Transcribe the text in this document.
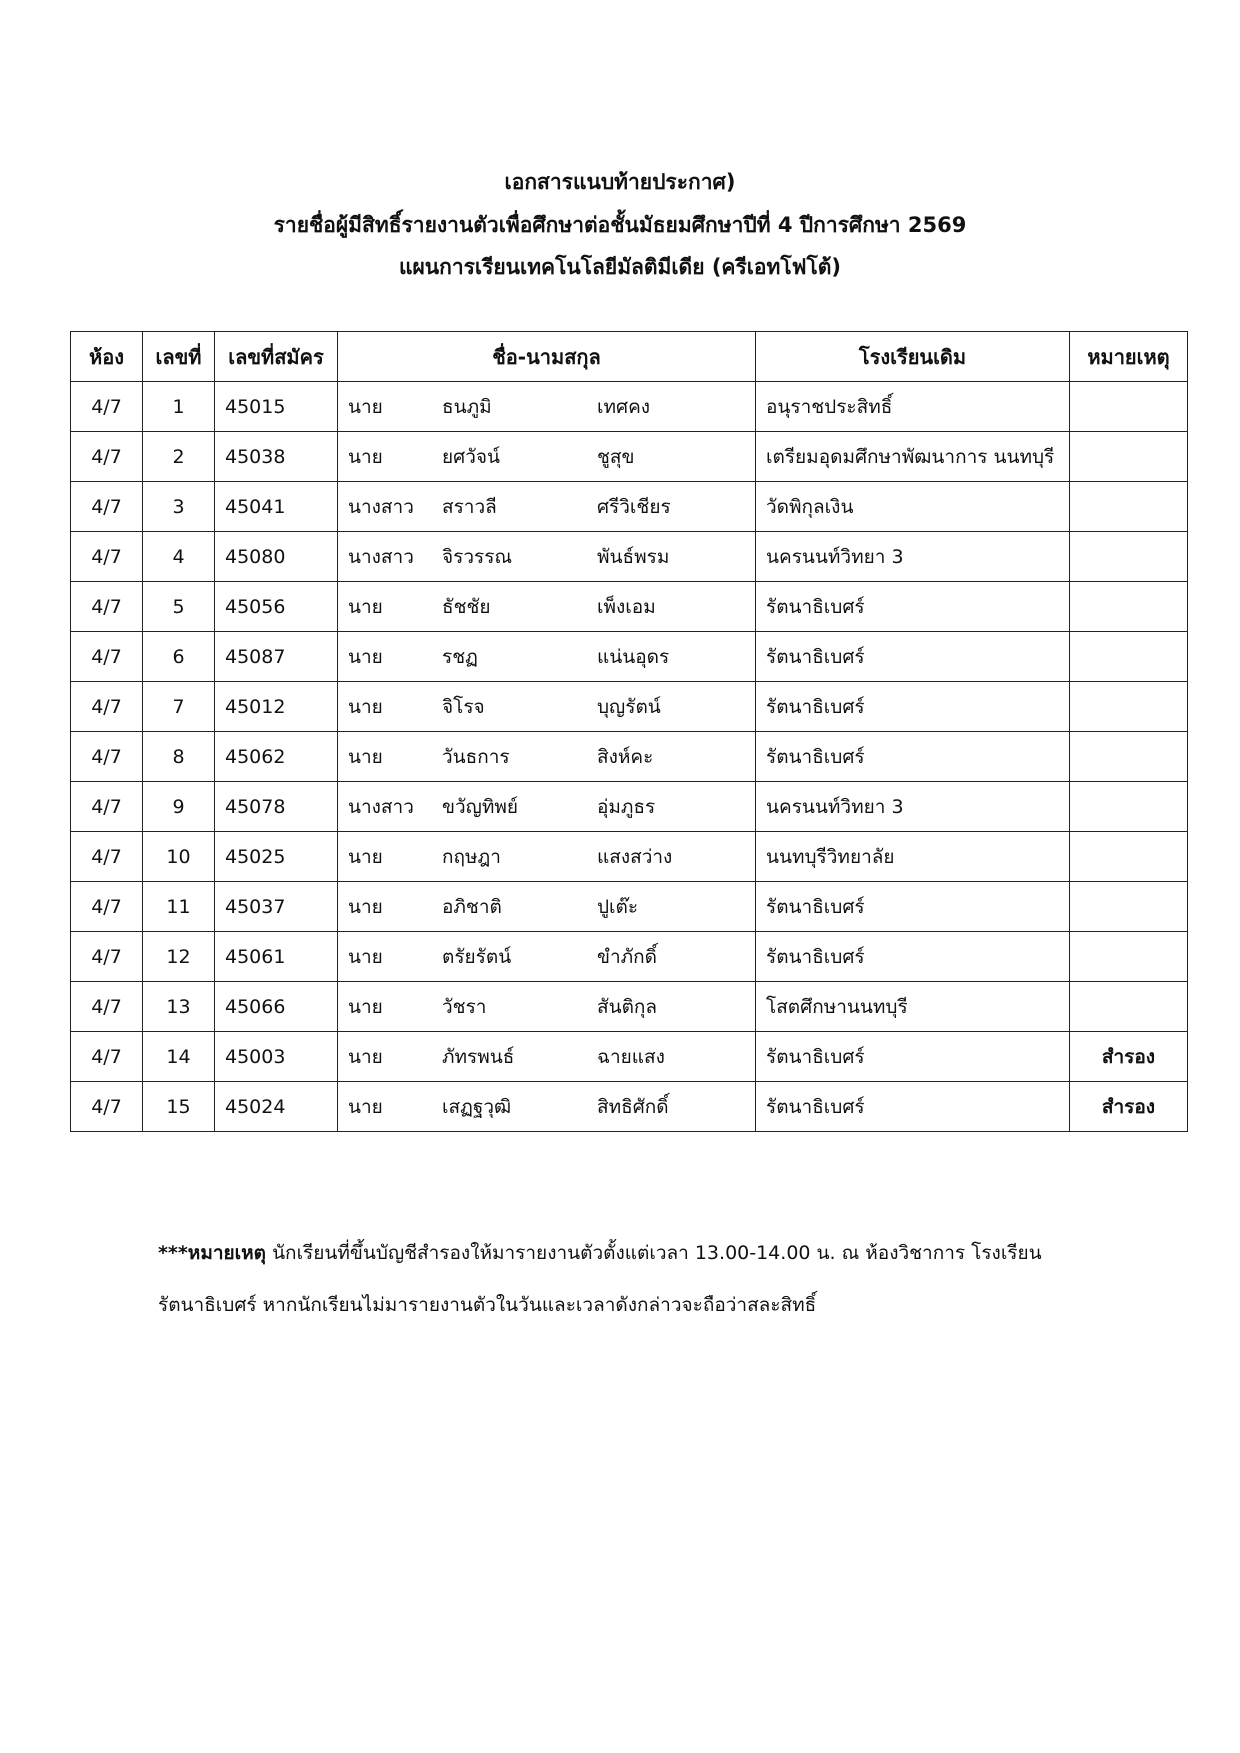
เอกสารแนบท้ายประกาศ)
รายชื่อผู้มีสิทธิ์รายงานตัวเพื่อศึกษาต่อชั้นมัธยมศึกษาปีที่ 4 ปีการศึกษา 2569
แผนการเรียนเทคโนโลยีมัลติมีเดีย (ครีเอทโฟโต้)
ห้อง	เลขที่	เลขที่สมัคร	ชื่อ-นามสกุล	โรงเรียนเดิม	หมายเหตุ
4/7	1	45015	นาย ธนภูมิ เทศคง	อนุราชประสิทธิ์	
4/7	2	45038	นาย ยศวัจน์ ชูสุข	เตรียมอุดมศึกษาพัฒนาการ นนทบุรี	
4/7	3	45041	นางสาว สราวลี ศรีวิเชียร	วัดพิกุลเงิน	
4/7	4	45080	นางสาว จิรวรรณ พันธ์พรม	นครนนท์วิทยา 3	
4/7	5	45056	นาย ธัชชัย เพ็งเอม	รัตนาธิเบศร์	
4/7	6	45087	นาย รชฏ แน่นอุดร	รัตนาธิเบศร์	
4/7	7	45012	นาย จิโรจ บุญรัตน์	รัตนาธิเบศร์	
4/7	8	45062	นาย วันธการ สิงห์คะ	รัตนาธิเบศร์	
4/7	9	45078	นางสาว ขวัญทิพย์ อุ่มภูธร	นครนนท์วิทยา 3	
4/7	10	45025	นาย กฤษฎา แสงสว่าง	นนทบุรีวิทยาลัย	
4/7	11	45037	นาย อภิชาติ ปูเต๊ะ	รัตนาธิเบศร์	
4/7	12	45061	นาย ตรัยรัตน์ ขำภักดิ์	รัตนาธิเบศร์	
4/7	13	45066	นาย วัชรา สันติกุล	โสตศึกษานนทบุรี	
4/7	14	45003	นาย ภัทรพนธ์ ฉายแสง	รัตนาธิเบศร์	สำรอง
4/7	15	45024	นาย เสฏฐวุฒิ สิทธิศักดิ์	รัตนาธิเบศร์	สำรอง
***หมายเหตุ นักเรียนที่ขึ้นบัญชีสำรองให้มารายงานตัวตั้งแต่เวลา 13.00-14.00 น. ณ ห้องวิชาการ โรงเรียน
รัตนาธิเบศร์ หากนักเรียนไม่มารายงานตัวในวันและเวลาดังกล่าวจะถือว่าสละสิทธิ์
